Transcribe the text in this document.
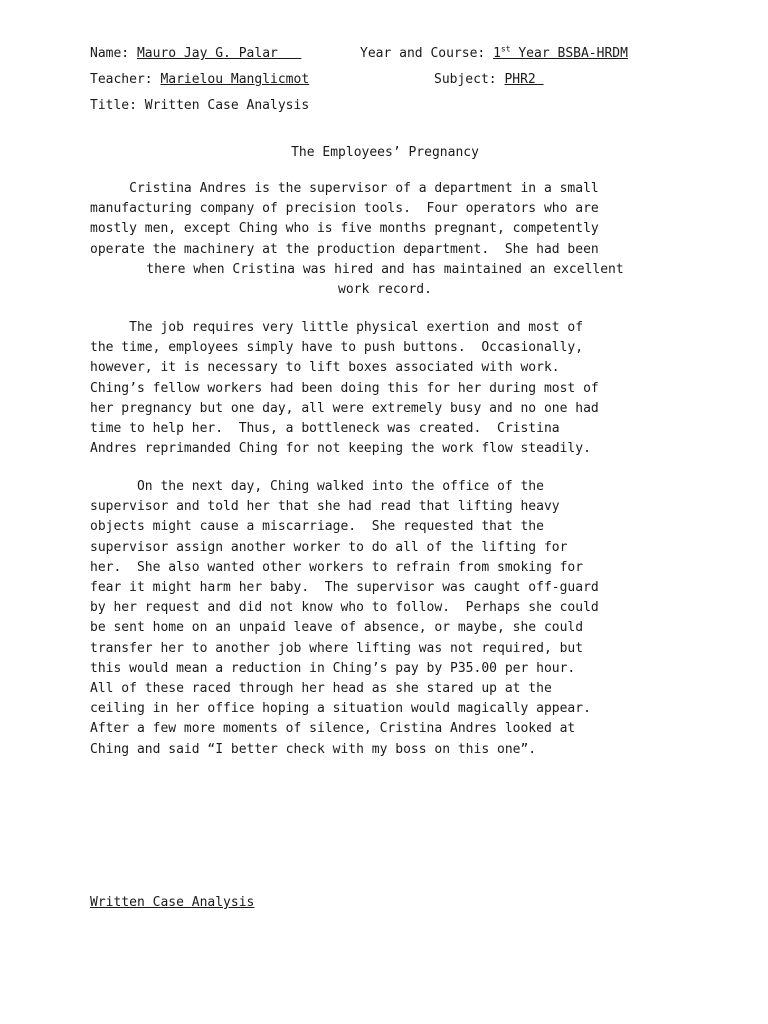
Name: Mauro Jay G. Palar	Year and Course: 1st Year BSBA-HRDM
Teacher: Marielou Manglicmot	Subject: PHR2
Title: Written Case Analysis
The Employees’ Pregnancy
Cristina Andres is the supervisor of a department in a small
manufacturing company of precision tools.  Four operators who are
mostly men, except Ching who is five months pregnant, competently
operate the machinery at the production department.  She had been
there when Cristina was hired and has maintained an excellent
work record.
The job requires very little physical exertion and most of
the time, employees simply have to push buttons.  Occasionally,
however, it is necessary to lift boxes associated with work.
Ching’s fellow workers had been doing this for her during most of
her pregnancy but one day, all were extremely busy and no one had
time to help her.  Thus, a bottleneck was created.  Cristina
Andres reprimanded Ching for not keeping the work flow steadily.
On the next day, Ching walked into the office of the
supervisor and told her that she had read that lifting heavy
objects might cause a miscarriage.  She requested that the
supervisor assign another worker to do all of the lifting for
her.  She also wanted other workers to refrain from smoking for
fear it might harm her baby.  The supervisor was caught off-guard
by her request and did not know who to follow.  Perhaps she could
be sent home on an unpaid leave of absence, or maybe, she could
transfer her to another job where lifting was not required, but
this would mean a reduction in Ching’s pay by P35.00 per hour.
All of these raced through her head as she stared up at the
ceiling in her office hoping a situation would magically appear.
After a few more moments of silence, Cristina Andres looked at
Ching and said “I better check with my boss on this one”.
Written Case Analysis
